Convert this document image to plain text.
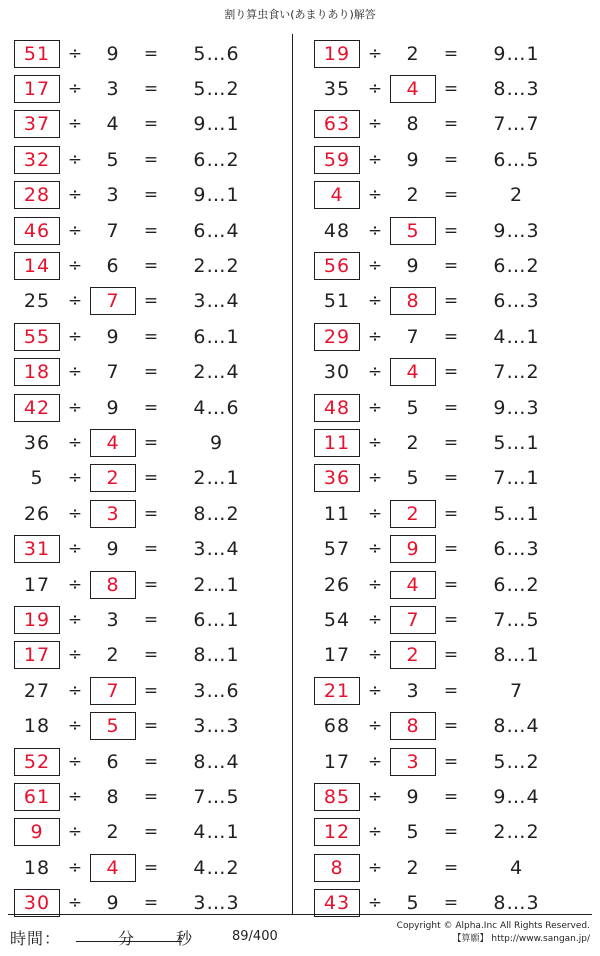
割り算虫食い(あまりあり)解答
51	÷	9	=	5…6
17	÷	3	=	5…2
37	÷	4	=	9…1
32	÷	5	=	6…2
28	÷	3	=	9…1
46	÷	7	=	6…4
14	÷	6	=	2…2
25	÷	7	=	3…4
55	÷	9	=	6…1
18	÷	7	=	2…4
42	÷	9	=	4…6
36	÷	4	=	9
5	÷	2	=	2…1
26	÷	3	=	8…2
31	÷	9	=	3…4
17	÷	8	=	2…1
19	÷	3	=	6…1
17	÷	2	=	8…1
27	÷	7	=	3…6
18	÷	5	=	3…3
52	÷	6	=	8…4
61	÷	8	=	7…5
9	÷	2	=	4…1
18	÷	4	=	4…2
30	÷	9	=	3…3
19	÷	2	=	9…1
35	÷	4	=	8…3
63	÷	8	=	7…7
59	÷	9	=	6…5
4	÷	2	=	2
48	÷	5	=	9…3
56	÷	9	=	6…2
51	÷	8	=	6…3
29	÷	7	=	4…1
30	÷	4	=	7…2
48	÷	5	=	9…3
11	÷	2	=	5…1
36	÷	5	=	7…1
11	÷	2	=	5…1
57	÷	9	=	6…3
26	÷	4	=	6…2
54	÷	7	=	7…5
17	÷	2	=	8…1
21	÷	3	=	7
68	÷	8	=	8…4
17	÷	3	=	5…2
85	÷	9	=	9…4
12	÷	5	=	2…2
8	÷	2	=	4
43	÷	5	=	8…3
時間：	分	秒	89/400
Copyright © Alpha.Inc All Rights Reserved.
【算願】 http://www.sangan.jp/
